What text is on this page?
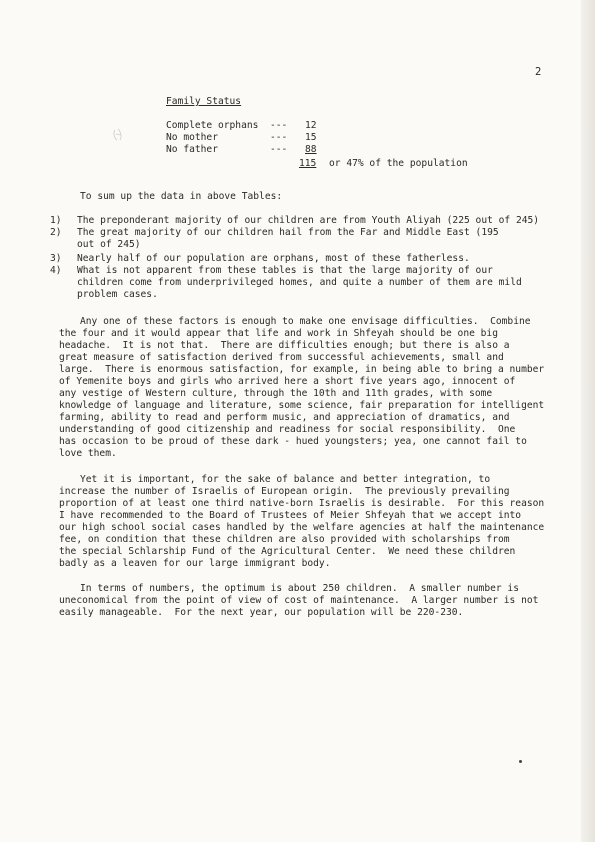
2
Family Status
Complete orphans --- 12
No mother	--- 15
No father	--- 88
115 or 47% of the population
To sum up the data in above Tables:
1) The preponderant majority of our children are from Youth Aliyah (225 out of 245)
2) The great majority of our children hail from the Far and Middle East (195
out of 245)
3) Nearly half of our population are orphans, most of these fatherless.
4) What is not apparent from these tables is that the large majority of our
children come from underprivileged homes, and quite a number of them are mild
problem cases.
Any one of these factors is enough to make one envisage difficulties.  Combine
the four and it would appear that life and work in Shfeyah should be one big
headache.  It is not that.  There are difficulties enough; but there is also a
great measure of satisfaction derived from successful achievements, small and
large.  There is enormous satisfaction, for example, in being able to bring a number
of Yemenite boys and girls who arrived here a short five years ago, innocent of
any vestige of Western culture, through the 10th and 11th grades, with some
knowledge of language and literature, some science, fair preparation for intelligent
farming, ability to read and perform music, and appreciation of dramatics, and
understanding of good citizenship and readiness for social responsibility.  One
has occasion to be proud of these dark - hued youngsters; yea, one cannot fail to
love them.
Yet it is important, for the sake of balance and better integration, to
increase the number of Israelis of European origin.  The previously prevailing
proportion of at least one third native-born Israelis is desirable.  For this reason
I have recommended to the Board of Trustees of Meier Shfeyah that we accept into
our high school social cases handled by the welfare agencies at half the maintenance
fee, on condition that these children are also provided with scholarships from
the special Schlarship Fund of the Agricultural Center.  We need these children
badly as a leaven for our large immigrant body.
In terms of numbers, the optimum is about 250 children.  A smaller number is
uneconomical from the point of view of cost of maintenance.  A larger number is not
easily manageable.  For the next year, our population will be 220-230.
